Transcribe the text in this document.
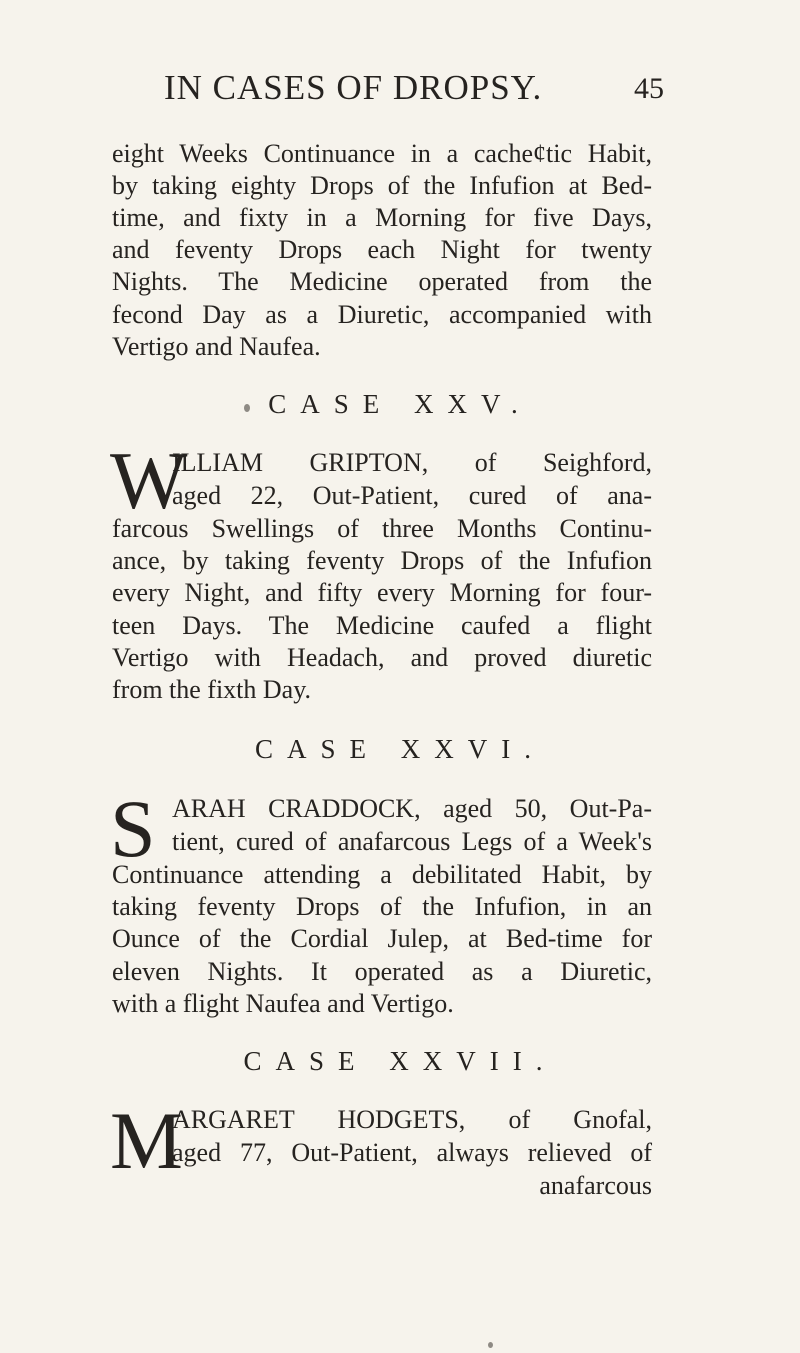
IN CASES OF DROPSY.	45
eight Weeks Continuance in a cacheȼtic Habit,
by taking eighty Drops of the Infufion at Bed-
time, and fixty in a Morning for five Days,
and feventy Drops each Night for twenty
Nights. The Medicine operated from the
fecond Day as a Diuretic, accompanied with
Vertigo and Naufea.
CASE XXV.
W
ILLIAM GRIPTON, of Seighford,
aged 22, Out-Patient, cured of ana-
farcous Swellings of three Months Continu-
ance, by taking feventy Drops of the Infufion
every Night, and fifty every Morning for four-
teen Days. The Medicine caufed a flight
Vertigo with Headach, and proved diuretic
from the fixth Day.
CASE XXVI.
S ARAH CRADDOCK, aged 50, Out-Pa-
tient, cured of anafarcous Legs of a Week's
Continuance attending a debilitated Habit, by
taking feventy Drops of the Infufion, in an
Ounce of the Cordial Julep, at Bed-time for
eleven Nights. It operated as a Diuretic,
with a flight Naufea and Vertigo.
CASE XXVII.
M
ARGARET HODGETS, of Gnofal,
aged 77, Out-Patient, always relieved of
anafarcous
